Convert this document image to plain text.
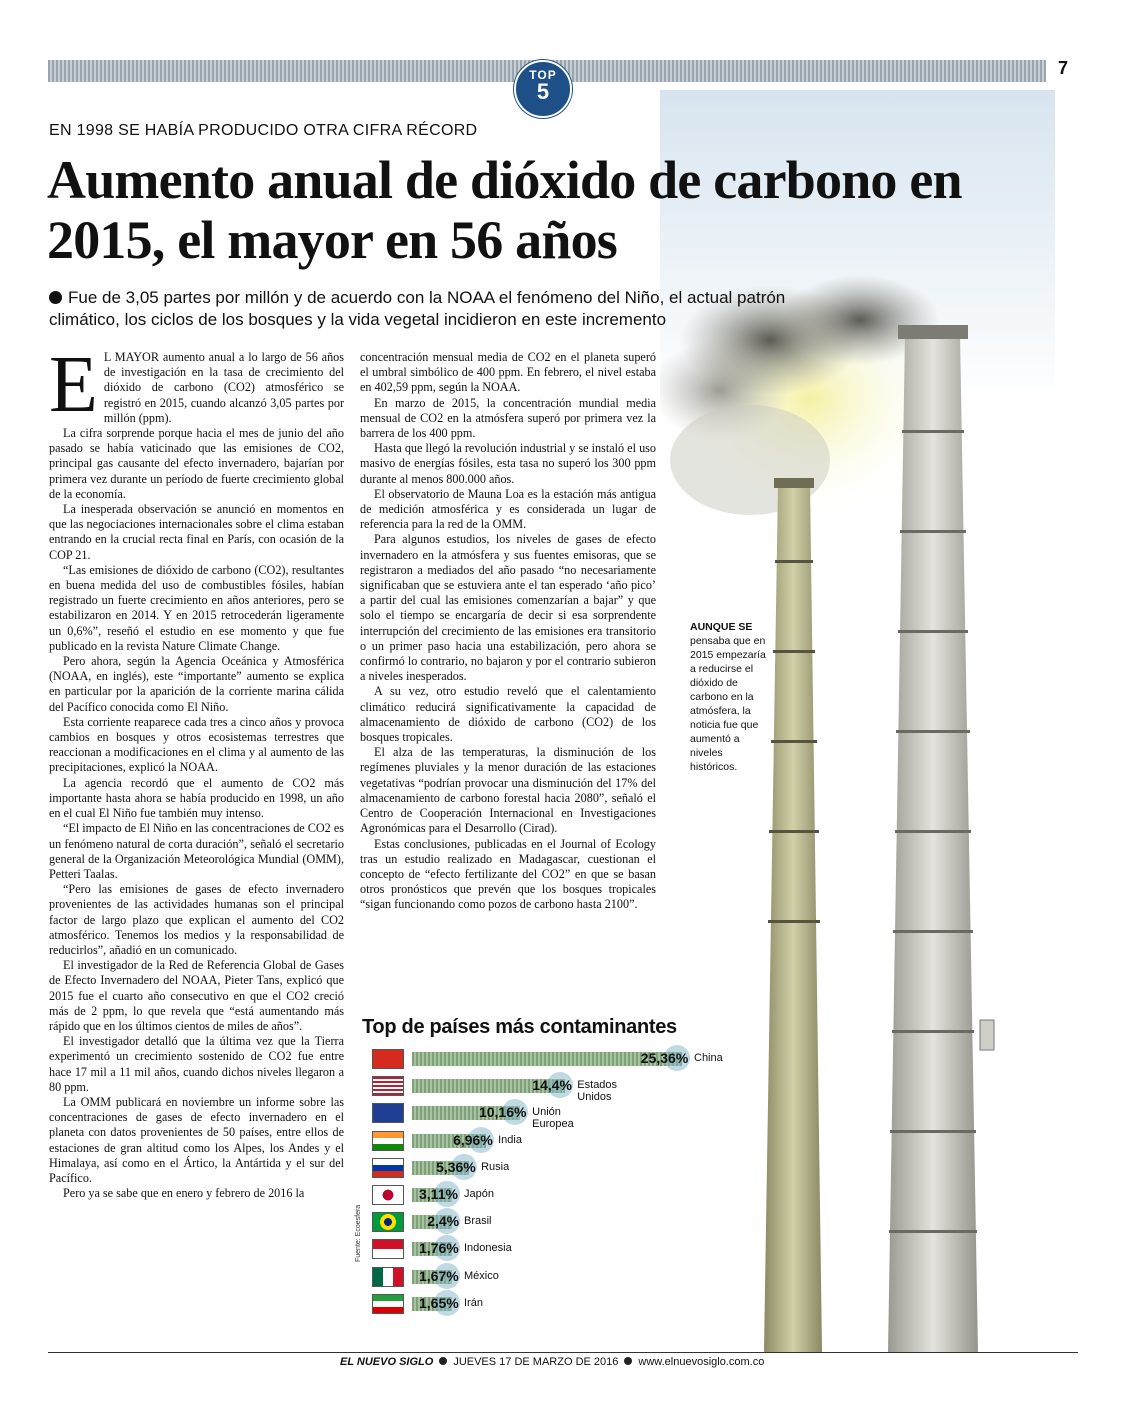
TOP
5
7
EN 1998 SE HABÍA PRODUCIDO OTRA CIFRA RÉCORD
Aumento anual de dióxido de carbono en 2015, el mayor en 56 años
Fue de 3,05 partes por millón y de acuerdo con la NOAA el fenómeno del Niño, el actual patrón climático, los ciclos de los bosques y la vida vegetal incidieron en este incremento

E L MAYOR aumento anual a lo largo de 56 años de investigación en la tasa de crecimiento del dióxido de carbono (CO2) atmosférico se registró en 2015, cuando alcanzó 3,05 partes por millón (ppm).

La cifra sorprende porque hacia el mes de junio del año pasado se había vaticinado que las emisiones de CO2, principal gas causante del efecto invernadero, bajarían por primera vez durante un período de fuerte crecimiento global de la economía.

La inesperada observación se anunció en momentos en que las negociaciones internacionales sobre el clima estaban entrando en la crucial recta final en París, con ocasión de la COP 21.

“Las emisiones de dióxido de carbono (CO2), resultantes en buena medida del uso de combustibles fósiles, habían registrado un fuerte crecimiento en años anteriores, pero se estabilizaron en 2014. Y en 2015 retrocederán ligeramente un 0,6%”, reseñó el estudio en ese momento y que fue publicado en la revista Nature Climate Change.

Pero ahora, según la Agencia Oceánica y Atmosférica (NOAA, en inglés), este “importante” aumento se explica en particular por la aparición de la corriente marina cálida del Pacífico conocida como El Niño.

Esta corriente reaparece cada tres a cinco años y provoca cambios en bosques y otros ecosistemas terrestres que reaccionan a modificaciones en el clima y al aumento de las precipitaciones, explicó la NOAA.

La agencia recordó que el aumento de CO2 más importante hasta ahora se había producido en 1998, un año en el cual El Niño fue también muy intenso.

“El impacto de El Niño en las concentraciones de CO2 es un fenómeno natural de corta duración”, señaló el secretario general de la Organización Meteorológica Mundial (OMM), Petteri Taalas.

“Pero las emisiones de gases de efecto invernadero provenientes de las actividades humanas son el principal factor de largo plazo que explican el aumento del CO2 atmosférico. Tenemos los medios y la responsabilidad de reducirlos”, añadió en un comunicado.

El investigador de la Red de Referencia Global de Gases de Efecto Invernadero del NOAA, Pieter Tans, explicó que 2015 fue el cuarto año consecutivo en que el CO2 creció más de 2 ppm, lo que revela que “está aumentando más rápido que en los últimos cientos de miles de años”.

El investigador detalló que la última vez que la Tierra experimentó un crecimiento sostenido de CO2 fue entre hace 17 mil a 11 mil años, cuando dichos niveles llegaron a 80 ppm.

La OMM publicará en noviembre un informe sobre las concentraciones de gases de efecto invernadero en el planeta con datos provenientes de 50 países, entre ellos de estaciones de gran altitud como los Alpes, los Andes y el Himalaya, así como en el Ártico, la Antártida y el sur del Pacífico.

Pero ya se sabe que en enero y febrero de 2016 la

concentración mensual media de CO2 en el planeta superó el umbral simbólico de 400 ppm. En febrero, el nivel estaba en 402,59 ppm, según la NOAA.

En marzo de 2015, la concentración mundial media mensual de CO2 en la atmósfera superó por primera vez la barrera de los 400 ppm.

Hasta que llegó la revolución industrial y se instaló el uso masivo de energías fósiles, esta tasa no superó los 300 ppm durante al menos 800.000 años.

El observatorio de Mauna Loa es la estación más antigua de medición atmosférica y es considerada un lugar de referencia para la red de la OMM.

Para algunos estudios, los niveles de gases de efecto invernadero en la atmósfera y sus fuentes emisoras, que se registraron a mediados del año pasado “no necesariamente significaban que se estuviera ante el tan esperado ‘año pico’ a partir del cual las emisiones comenzarían a bajar” y que solo el tiempo se encargaría de decir si esa sorprendente interrupción del crecimiento de las emisiones era transitorio o un primer paso hacia una estabilización, pero ahora se confirmó lo contrario, no bajaron y por el contrario subieron a niveles inesperados.

A su vez, otro estudio reveló que el calentamiento climático reducirá significativamente la capacidad de almacenamiento de dióxido de carbono (CO2) de los bosques tropicales.

El alza de las temperaturas, la disminución de los regímenes pluviales y la menor duración de las estaciones vegetativas “podrían provocar una disminución del 17% del almacenamiento de carbono forestal hacia 2080”, señaló el Centro de Cooperación Internacional en Investigaciones Agronómicas para el Desarrollo (Cirad).

Estas conclusiones, publicadas en el Journal of Ecology tras un estudio realizado en Madagascar, cuestionan el concepto de “efecto fertilizante del CO2” en que se basan otros pronósticos que prevén que los bosques tropicales “sigan funcionando como pozos de carbono hasta 2100”.

AUNQUE SE pensaba que en 2015 empezaría a reducirse el dióxido de carbono en la atmósfera, la noticia fue que aumentó a niveles históricos.
Top de países más contaminantes
Fuente: Ecoesfera
25,36% China
14,4% Estados Unidos
10,16% Unión Europea
6,96% India
5,36% Rusia
3,11% Japón
2,4% Brasil
1,76% Indonesia
1,67% México
1,65% Irán
EL NUEVO SIGLO JUEVES 17 DE MARZO DE 2016 www.elnuevosiglo.com.co
